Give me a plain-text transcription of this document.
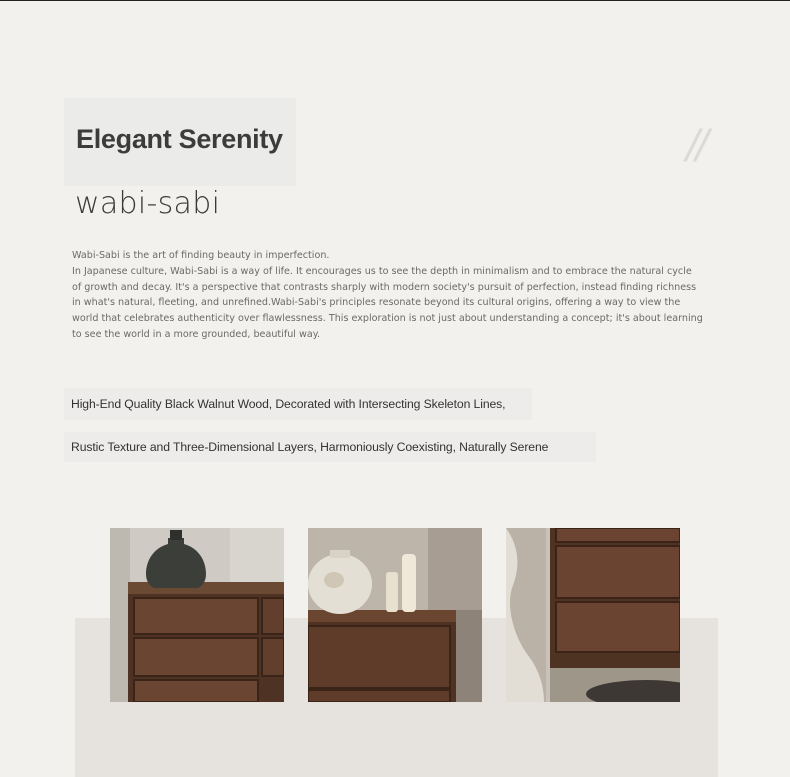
Elegant Serenity	//
wabi-sabi

Wabi-Sabi is the art of finding beauty in imperfection.

In Japanese culture, Wabi-Sabi is a way of life. It encourages us to see the depth in minimalism and to embrace the natural cycle of growth and decay. It's a perspective that contrasts sharply with modern society's pursuit of perfection, instead finding richness in what's natural, fleeting, and unrefined.Wabi-Sabi's principles resonate beyond its cultural origins, offering a way to view the world that celebrates authenticity over flawlessness. This exploration is not just about understanding a concept; it's about learning to see the world in a more grounded, beautiful way.

High-End Quality Black Walnut Wood, Decorated with Intersecting Skeleton Lines,
Rustic Texture and Three-Dimensional Layers, Harmoniously Coexisting, Naturally Serene
